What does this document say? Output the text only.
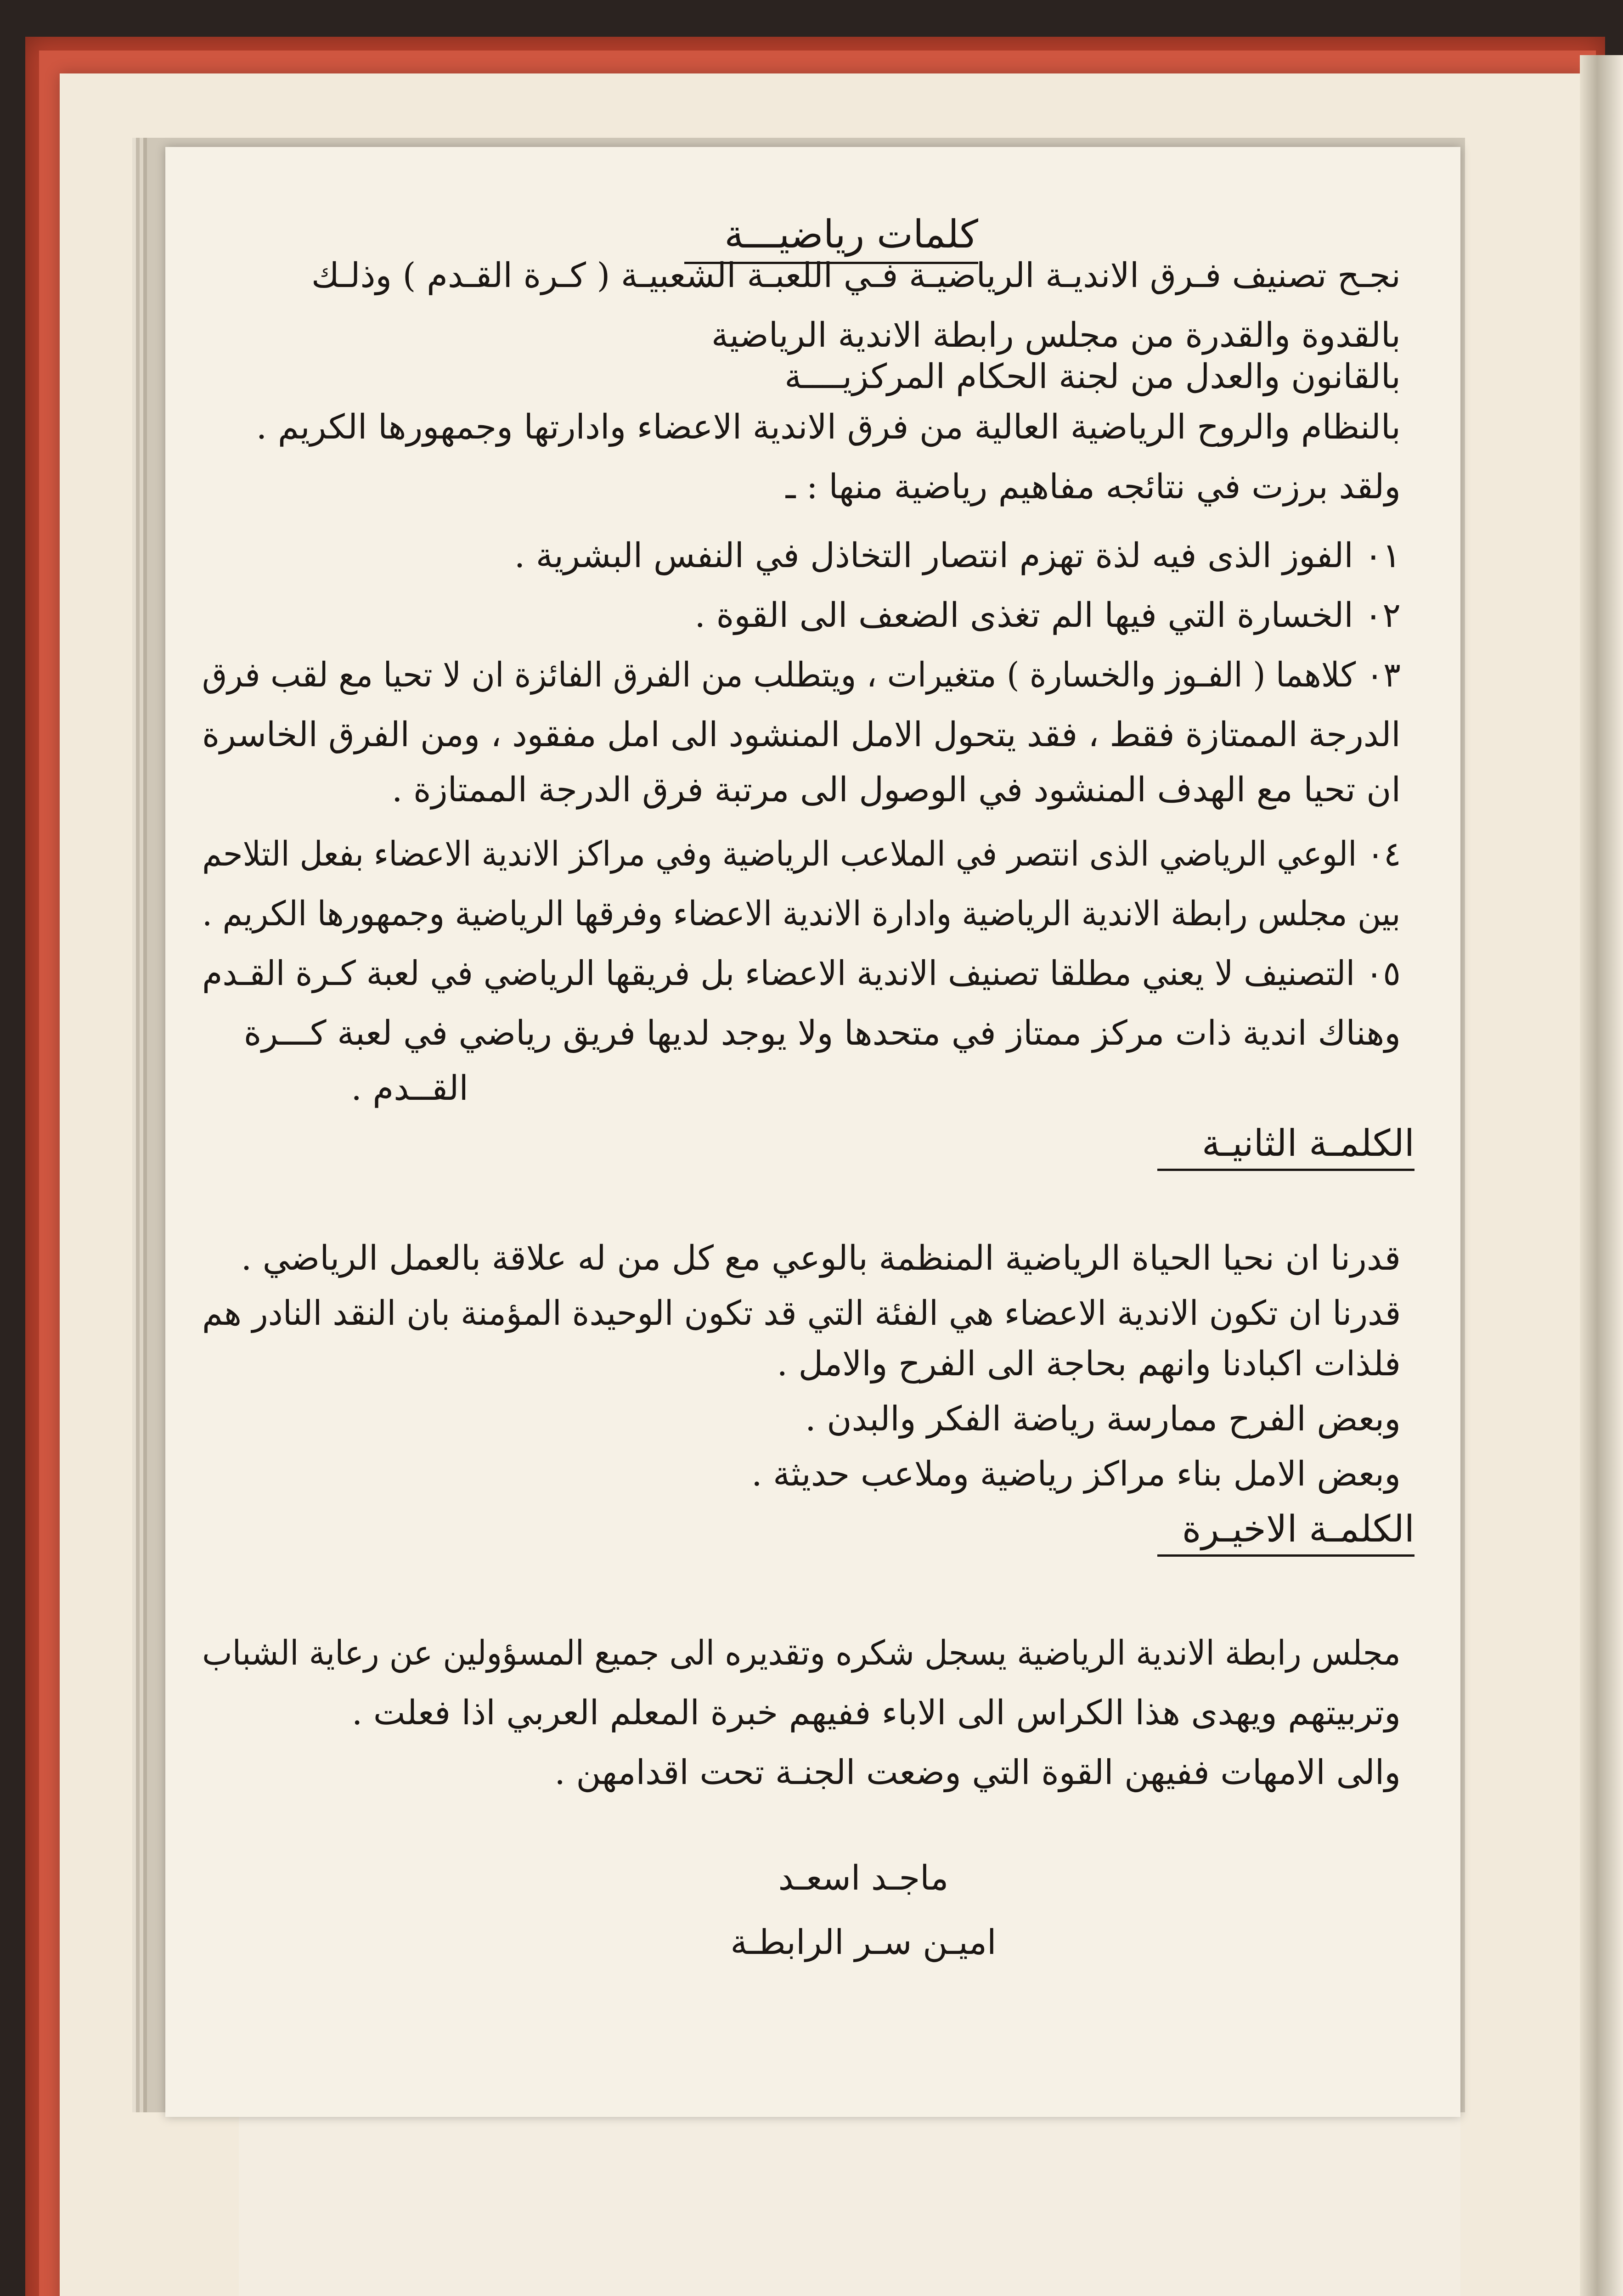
كلمات رياضيـــة
نجـح تصنيف فـرق الانديـة الرياضيـة فـي اللعبـة الشعبيـة ( كـرة القـدم ) وذلـك
بالقدوة والقدرة من مجلس رابطة الاندية الرياضية
بالقانون والعدل من لجنة الحكام المركزيــــة
بالنظام والروح الرياضية العالية من فرق الاندية الاعضاء وادارتها وجمهورها الكريم .
ولقد برزت في نتائجه مفاهيم رياضية منها : ـ
٠١ الفوز الذى فيه لذة تهزم انتصار التخاذل في النفس البشرية .
٠٢ الخسارة التي فيها الم تغذى الضعف الى القوة .
٠٣ كلاهما ( الفـوز والخسارة ) متغيرات ، ويتطلب من الفرق الفائزة ان لا تحيا مع لقب فرق
الدرجة الممتازة فقط ، فقد يتحول الامل المنشود الى امل مفقود ، ومن الفرق الخاسرة
ان تحيا مع الهدف المنشود في الوصول الى مرتبة فرق الدرجة الممتازة .
٠٤ الوعي الرياضي الذى انتصر في الملاعب الرياضية وفي مراكز الاندية الاعضاء بفعل التلاحم
بين مجلس رابطة الاندية الرياضية وادارة الاندية الاعضاء وفرقها الرياضية وجمهورها الكريم .
٠٥ التصنيف لا يعني مطلقا تصنيف الاندية الاعضاء بل فريقها الرياضي في لعبة كـرة القـدم
وهناك اندية ذات مركز ممتاز في متحدها ولا يوجد لديها فريق رياضي في لعبة كـــرة
القــدم .
الكلمـة الثانيـة
قدرنا ان نحيا الحياة الرياضية المنظمة بالوعي مع كل من له علاقة بالعمل الرياضي .
قدرنا ان تكون الاندية الاعضاء هي الفئة التي قد تكون الوحيدة المؤمنة بان النقد النادر هم
فلذات اكبادنا وانهم بحاجة الى الفرح والامل .
وبعض الفرح ممارسة رياضة الفكر والبدن .
وبعض الامل بناء مراكز رياضية وملاعب حديثة .
الكلمـة الاخيـرة
مجلس رابطة الاندية الرياضية يسجل شكره وتقديره الى جميع المسؤولين عن رعاية الشباب
وتربيتهم ويهدى هذا الكراس الى الاباء ففيهم خبرة المعلم العربي اذا فعلت .
والى الامهات ففيهن القوة التي وضعت الجنـة تحت اقدامهن .
ماجـد اسعـد
اميـن سـر الرابطـة
